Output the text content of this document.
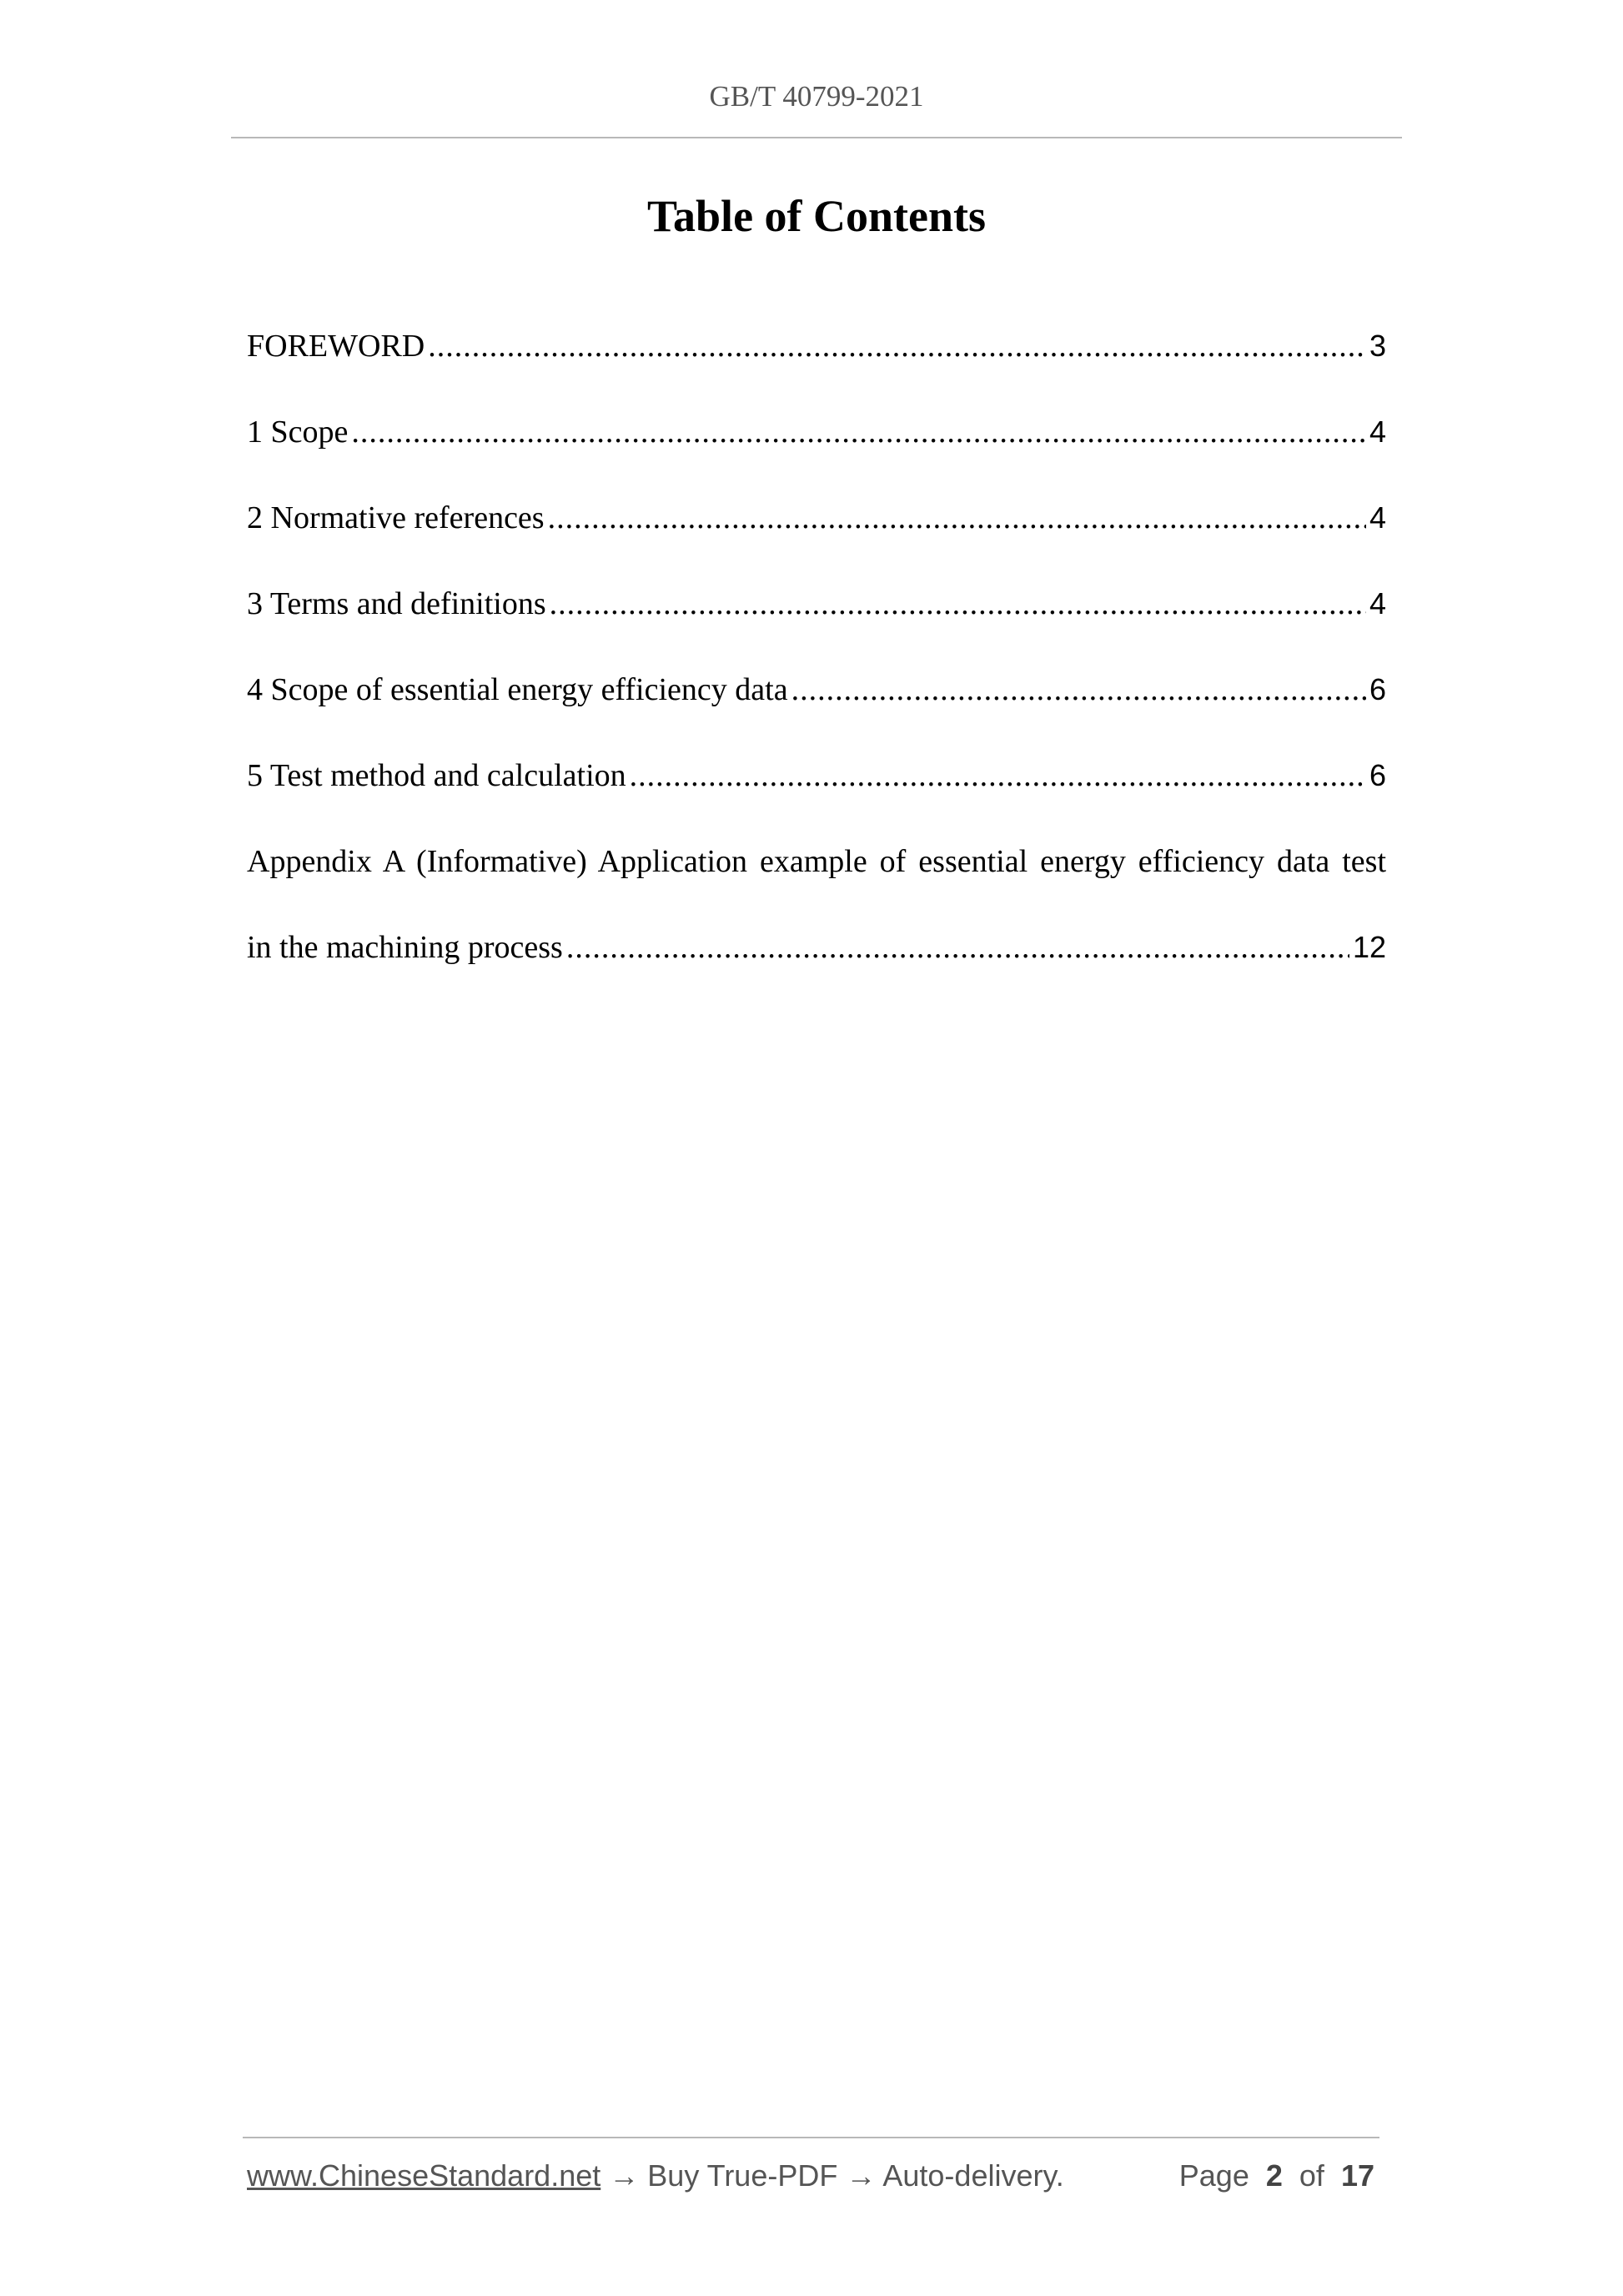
GB/T 40799-2021
Table of Contents
FOREWORD .....	3
1 Scope .....	4
2 Normative references .....	4
3 Terms and definitions .....	4
4 Scope of essential energy efficiency data .....	6
5 Test method and calculation .....	6
Appendix A (Informative) Application example of essential energy efficiency data test
in the machining process .....	12
www.ChineseStandard.net → Buy True-PDF → Auto-delivery.	Page 2 of 17
